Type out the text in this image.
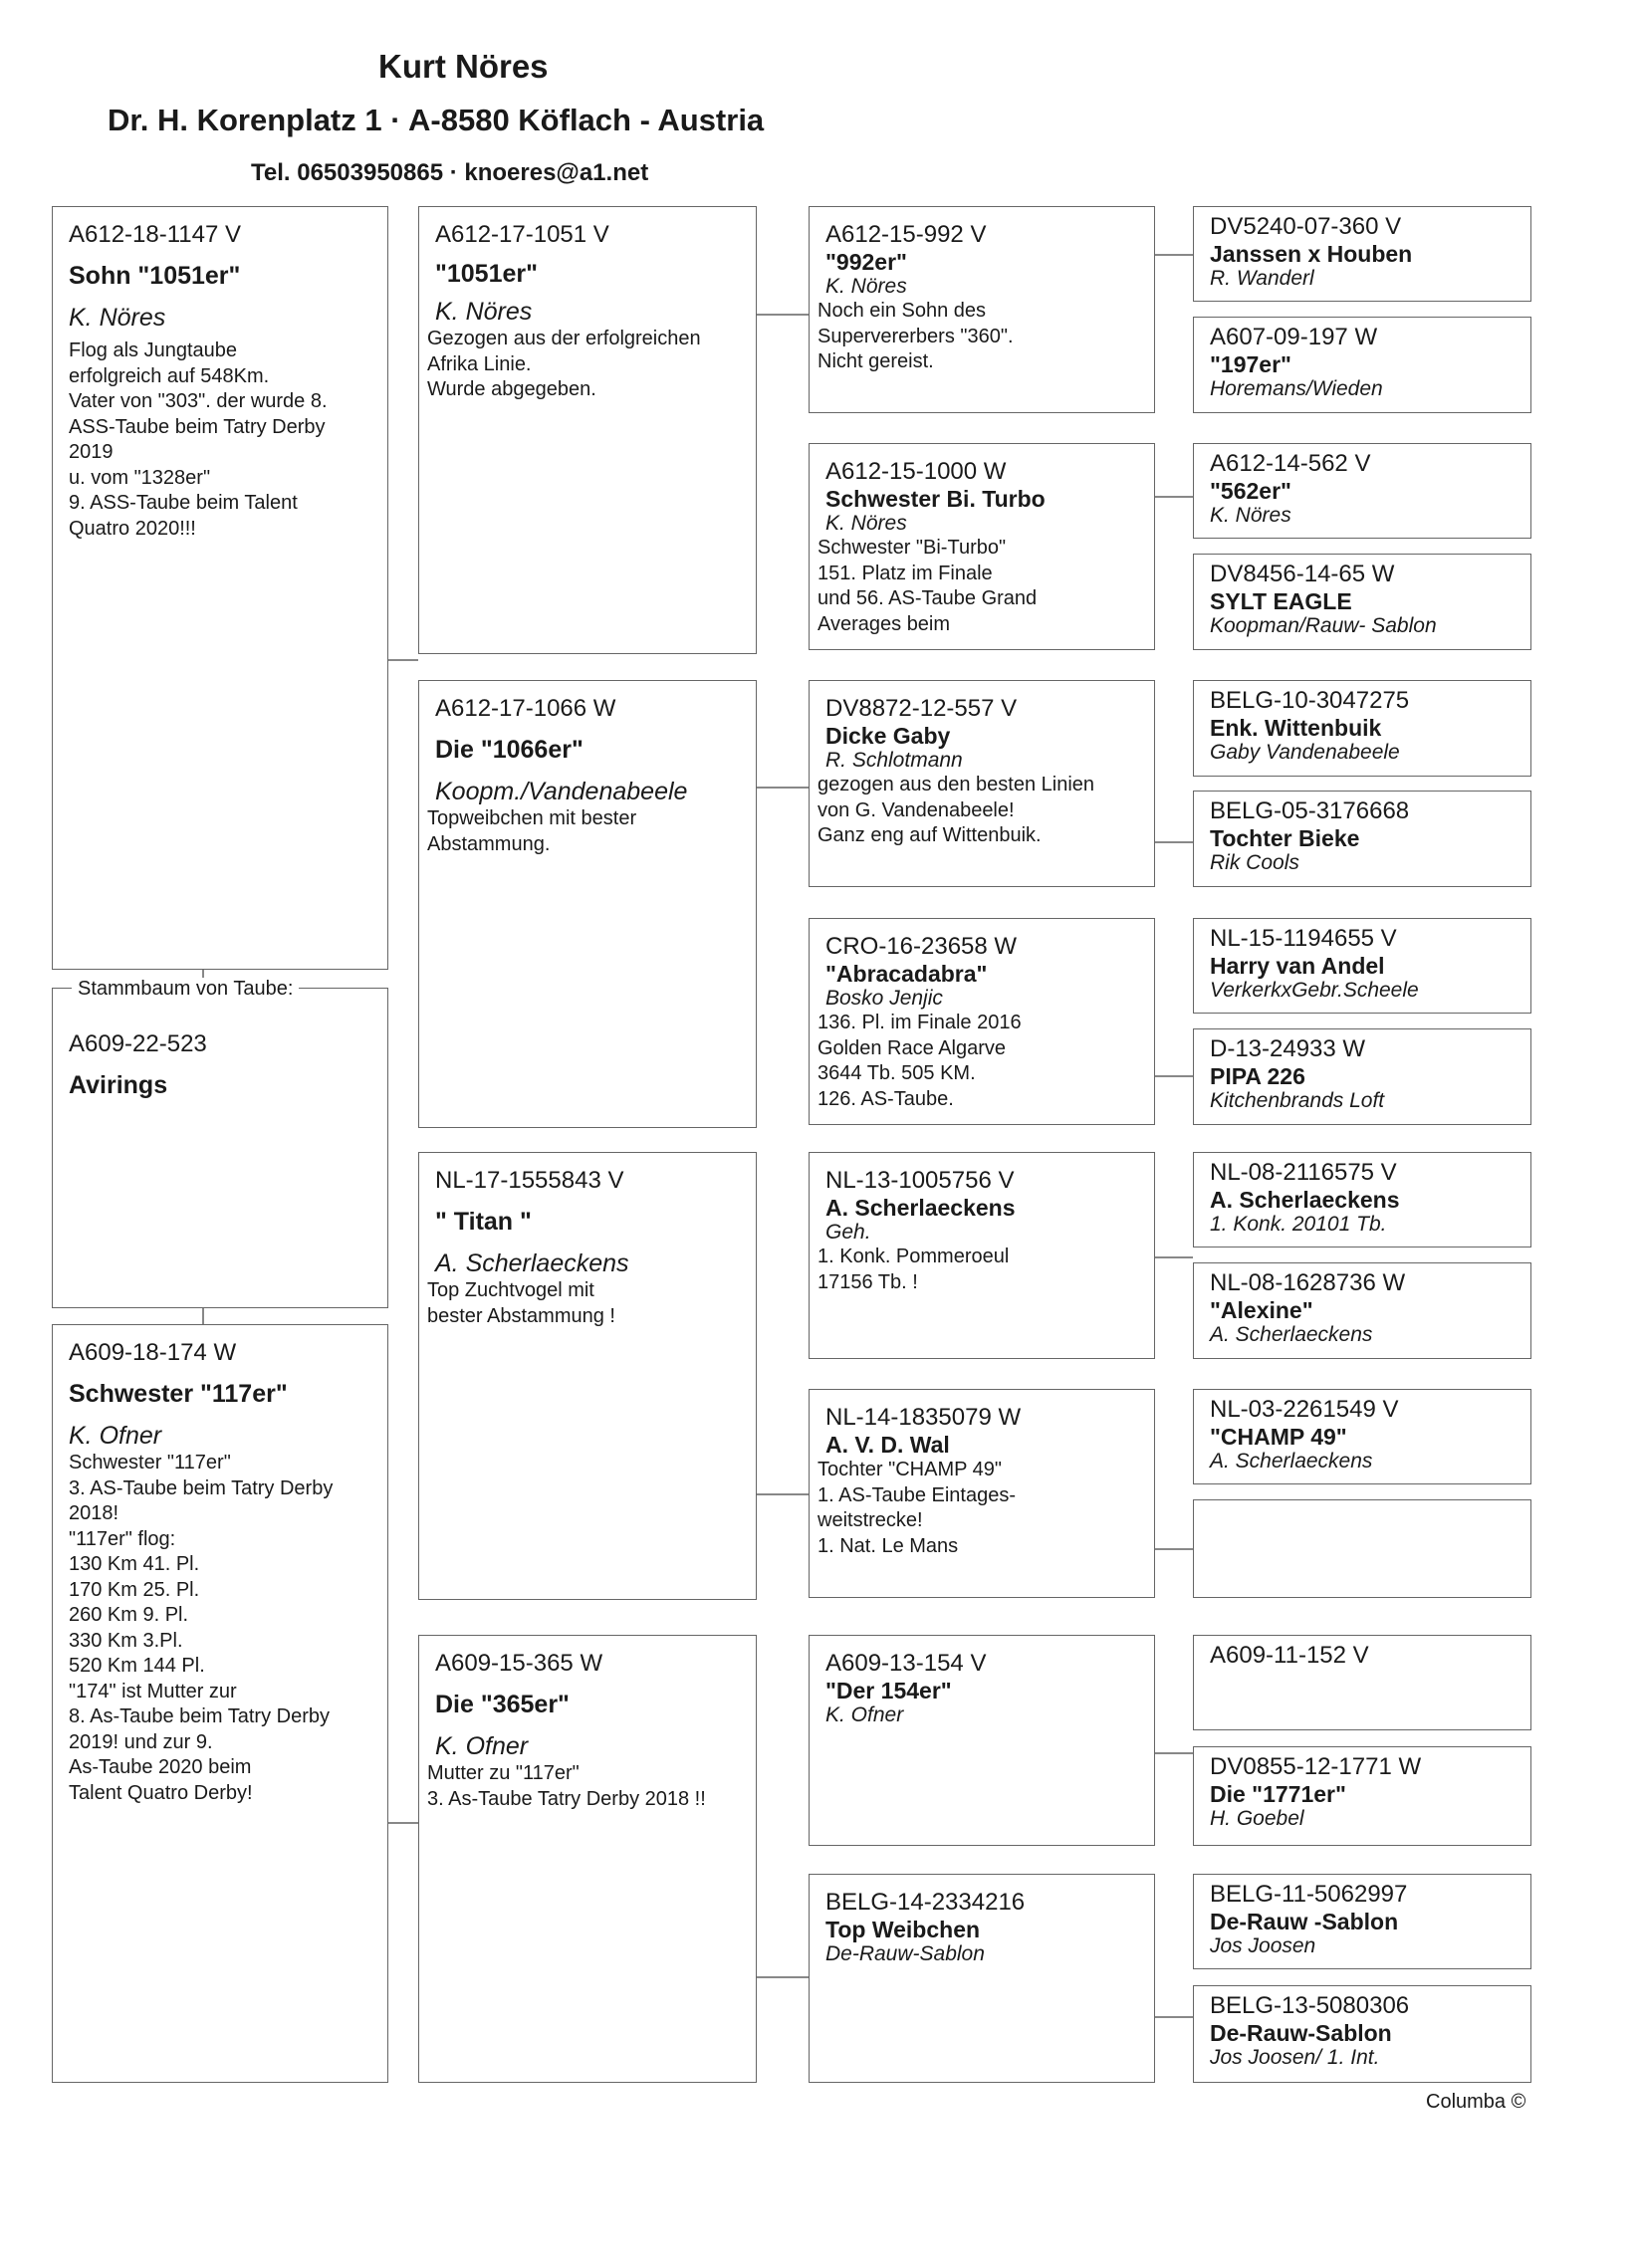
Kurt Nöres
Dr. H. Korenplatz 1 · A-8580 Köflach - Austria
Tel. 06503950865 · knoeres@a1.net
A612-18-1147 V
Sohn "1051er"
K. Nöres
Flog als Jungtaube
erfolgreich auf 548Km.
Vater von "303". der wurde 8.
ASS-Taube beim Tatry Derby
2019
u. vom "1328er"
9. ASS-Taube beim Talent
Quatro 2020!!!
A609-22-523
Avirings
Stammbaum von Taube:
A609-18-174 W
Schwester "117er"
K. Ofner
Schwester "117er"
3. AS-Taube beim Tatry Derby
2018!
"117er" flog:
130 Km 41. Pl.
170 Km 25. Pl.
260 Km 9. Pl.
330 Km 3.Pl.
520 Km 144 Pl.
"174" ist Mutter zur
8. As-Taube beim Tatry Derby
2019! und zur 9.
As-Taube 2020 beim
Talent Quatro Derby!
A612-17-1051 V
"1051er"
K. Nöres
Gezogen aus der erfolgreichen
Afrika Linie.
Wurde abgegeben.
A612-17-1066 W
Die "1066er"
Koopm./Vandenabeele
Topweibchen mit bester
Abstammung.
NL-17-1555843 V
" Titan "
A. Scherlaeckens
Top Zuchtvogel mit
bester Abstammung !
A609-15-365 W
Die "365er"
K. Ofner
Mutter zu "117er"
3. As-Taube Tatry Derby 2018 !!
A612-15-992 V
"992er"
K. Nöres
Noch ein Sohn des
Supervererbers "360".
Nicht gereist.
A612-15-1000 W
Schwester Bi. Turbo
K. Nöres
Schwester "Bi-Turbo"
151. Platz im Finale
und 56. AS-Taube Grand
Averages beim
DV8872-12-557 V
Dicke Gaby
R. Schlotmann
gezogen aus den besten Linien
von G. Vandenabeele!
Ganz eng auf Wittenbuik.
CRO-16-23658 W
"Abracadabra"
Bosko Jenjic
136. Pl. im Finale 2016
Golden Race Algarve
3644 Tb. 505 KM.
126. AS-Taube.
NL-13-1005756 V
A. Scherlaeckens
Geh.
1. Konk. Pommeroeul
17156 Tb. !
NL-14-1835079 W
A. V. D. Wal
Tochter "CHAMP 49"
1. AS-Taube Eintages-
weitstrecke!
1. Nat. Le Mans
A609-13-154 V
"Der 154er"
K. Ofner
BELG-14-2334216
Top Weibchen
De-Rauw-Sablon
DV5240-07-360 V
Janssen x Houben
R. Wanderl
A607-09-197 W
"197er"
Horemans/Wieden
A612-14-562 V
"562er"
K. Nöres
DV8456-14-65 W
SYLT EAGLE
Koopman/Rauw- Sablon
BELG-10-3047275
Enk. Wittenbuik
Gaby Vandenabeele
BELG-05-3176668
Tochter Bieke
Rik Cools
NL-15-1194655 V
Harry van Andel
VerkerkxGebr.Scheele
D-13-24933 W
PIPA 226
Kitchenbrands Loft
NL-08-2116575 V
A. Scherlaeckens
1. Konk. 20101 Tb.
NL-08-1628736 W
"Alexine"
A. Scherlaeckens
NL-03-2261549 V
"CHAMP 49"
A. Scherlaeckens
A609-11-152 V
DV0855-12-1771 W
Die "1771er"
H. Goebel
BELG-11-5062997
De-Rauw -Sablon
Jos Joosen
BELG-13-5080306
De-Rauw-Sablon
Jos Joosen/ 1. Int.
Columba ©
